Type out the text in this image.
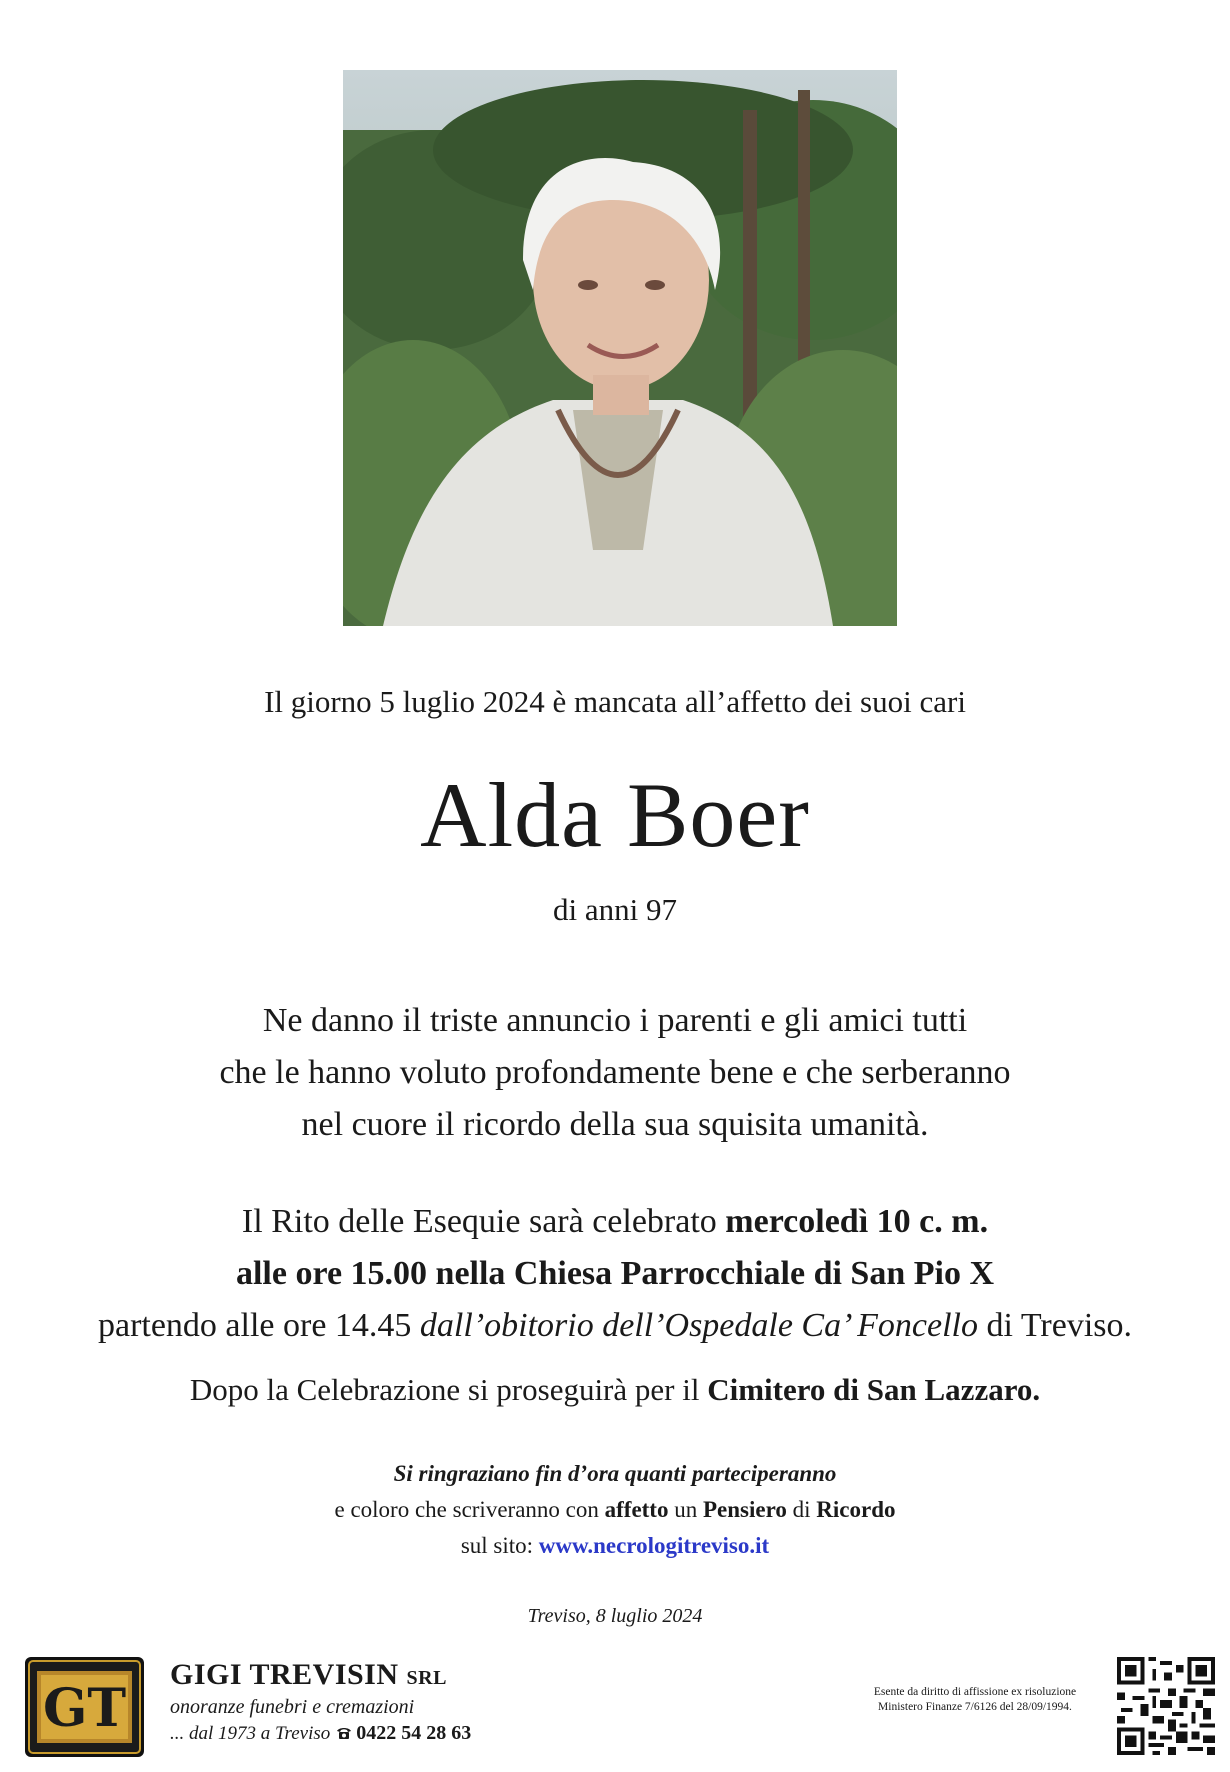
Il giorno 5 luglio 2024 è mancata all’affetto dei suoi cari
Alda Boer
di anni 97
Ne danno il triste annuncio i parenti e gli amici tutti
che le hanno voluto profondamente bene e che serberanno
nel cuore il ricordo della sua squisita umanità.
Il Rito delle Esequie sarà celebrato mercoledì 10 c. m.
alle ore 15.00 nella Chiesa Parrocchiale di San Pio X
partendo alle ore 14.45 dall’obitorio dell’Ospedale Ca’ Foncello di Treviso.
Dopo la Celebrazione si proseguirà per il Cimitero di San Lazzaro.
Si ringraziano fin d’ora quanti parteciperanno
e coloro che scriveranno con affetto un Pensiero di Ricordo
sul sito: www.necrologitreviso.it
Treviso, 8 luglio 2024
GT
GIGI TREVISIN SRL
onoranze funebri e cremazioni
... dal 1973 a Treviso 0422 54 28 63
Esente da diritto di affissione ex risoluzione
Ministero Finanze 7/6126 del 28/09/1994.
